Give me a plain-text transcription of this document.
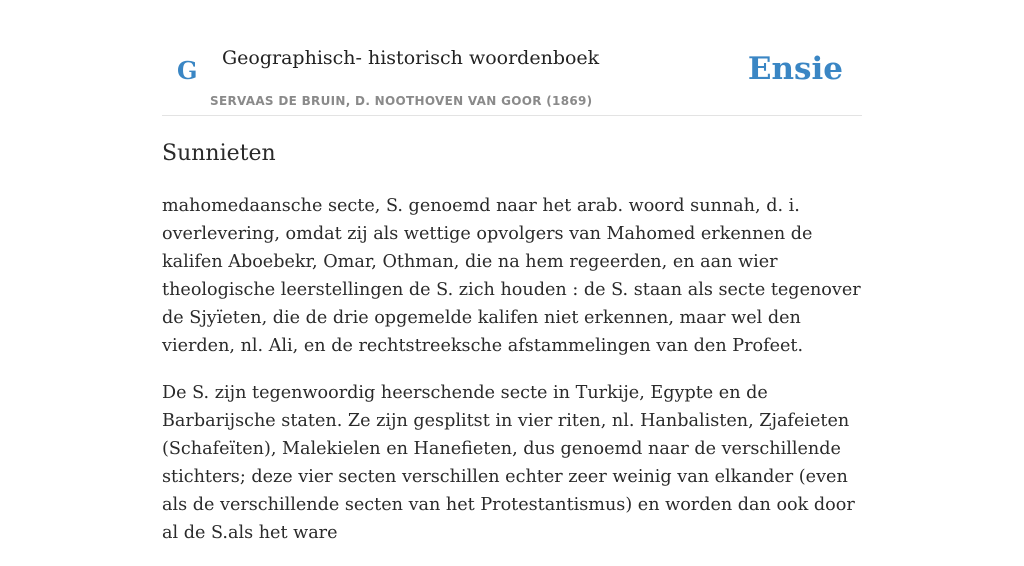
G Geographisch- historisch woordenboek
SERVAAS DE BRUIN, D. NOOTHOVEN VAN GOOR (1869)
Ensie
Sunnieten

mahomedaansche secte, S. genoemd naar het arab. woord sunnah, d. i. overlevering, omdat zij als wettige opvolgers van Mahomed erkennen de kalifen Aboebekr, Omar, Othman, die na hem regeerden, en aan wier theologische leerstellingen de S. zich houden : de S. staan als secte tegenover de Sjyïeten, die de drie opgemelde kalifen niet erkennen, maar wel den vierden, nl. Ali, en de rechtstreeksche afstammelingen van den Profeet.

De S. zijn tegenwoordig heerschende secte in Turkije, Egypte en de Barbarijsche staten. Ze zijn gesplitst in vier riten, nl. Hanbalisten, Zjafeieten (Schafeïten), Malekielen en Hanefieten, dus genoemd naar de verschillende stichters; deze vier secten verschillen echter zeer weinig van elkander (even als de verschillende secten van het Protestantismus) en worden dan ook door al de S.als het ware
